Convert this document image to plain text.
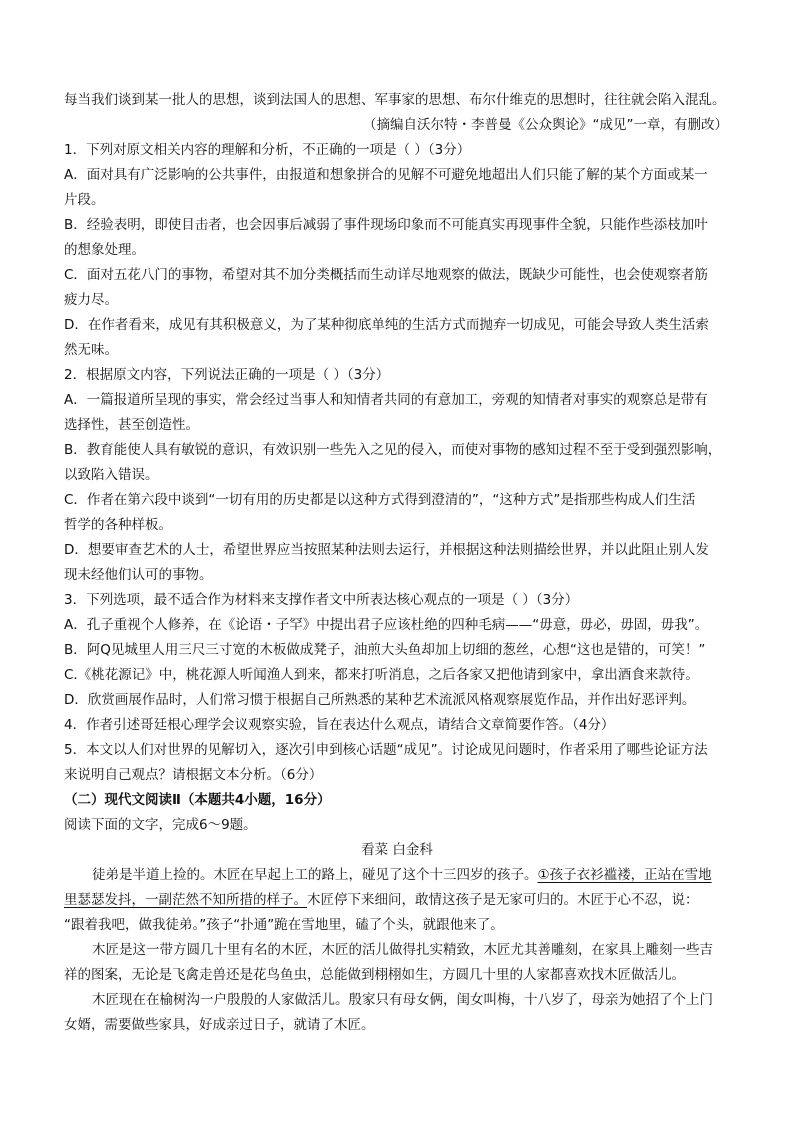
每当我们谈到某一批人的思想，谈到法国人的思想、军事家的思想、布尔什维克的思想时，往往就会陷入混乱。
（摘编自沃尔特・李普曼《公众舆论》“成见”一章，有删改）
1．下列对原文相关内容的理解和分析，不正确的一项是（ ）（3分）
A．面对具有广泛影响的公共事件，由报道和想象拼合的见解不可避免地超出人们只能了解的某个方面或某一
片段。
B．经验表明，即使目击者，也会因事后减弱了事件现场印象而不可能真实再现事件全貌，只能作些添枝加叶
的想象处理。
C．面对五花八门的事物，希望对其不加分类概括而生动详尽地观察的做法，既缺少可能性，也会使观察者筋
疲力尽。
D．在作者看来，成见有其积极意义，为了某种彻底单纯的生活方式而抛弃一切成见，可能会导致人类生活索
然无味。
2．根据原文内容，下列说法正确的一项是（ ）（3分）
A．一篇报道所呈现的事实，常会经过当事人和知情者共同的有意加工，旁观的知情者对事实的观察总是带有
选择性，甚至创造性。
B．教育能使人具有敏锐的意识，有效识别一些先入之见的侵入，而使对事物的感知过程不至于受到强烈影响，
以致陷入错误。
C．作者在第六段中谈到“一切有用的历史都是以这种方式得到澄清的”，“这种方式”是指那些构成人们生活
哲学的各种样板。
D．想要审查艺术的人士，希望世界应当按照某种法则去运行，并根据这种法则描绘世界，并以此阻止别人发
现未经他们认可的事物。
3．下列选项，最不适合作为材料来支撑作者文中所表达核心观点的一项是（ ）（3分）
A．孔子重视个人修养，在《论语・子罕》中提出君子应该杜绝的四种毛病——“毋意，毋必，毋固，毋我”。
B．阿Q见城里人用三尺三寸宽的木板做成凳子，油煎大头鱼却加上切细的葱丝，心想“这也是错的，可笑！”
C.《桃花源记》中，桃花源人听闻渔人到来，都来打听消息，之后各家又把他请到家中，拿出酒食来款待。
D．欣赏画展作品时，人们常习惯于根据自己所熟悉的某种艺术流派风格观察展览作品，并作出好恶评判。
4．作者引述哥廷根心理学会议观察实验，旨在表达什么观点，请结合文章简要作答。（4分）
5．本文以人们对世界的见解切入，逐次引申到核心话题“成见”。讨论成见问题时，作者采用了哪些论证方法
来说明自己观点？请根据文本分析。（6分）
（二）现代文阅读Ⅱ（本题共4小题，16分）
阅读下面的文字，完成6～9题。
看菜 白金科
徒弟是半道上捡的。木匠在早起上工的路上，碰见了这个十三四岁的孩子。①孩子衣衫褴褛，正站在雪地
里瑟瑟发抖，一副茫然不知所措的样子。木匠停下来细问，敢情这孩子是无家可归的。木匠于心不忍，说：
“跟着我吧，做我徒弟。”孩子“扑通”跪在雪地里，磕了个头，就跟他来了。
木匠是这一带方圆几十里有名的木匠，木匠的活儿做得扎实精致，木匠尤其善雕刻，在家具上雕刻一些吉
祥的图案，无论是飞禽走兽还是花鸟鱼虫，总能做到栩栩如生，方圆几十里的人家都喜欢找木匠做活儿。
木匠现在在榆树沟一户殷殷的人家做活儿。殷家只有母女俩，闺女叫梅，十八岁了，母亲为她招了个上门
女婿，需要做些家具，好成亲过日子，就请了木匠。
